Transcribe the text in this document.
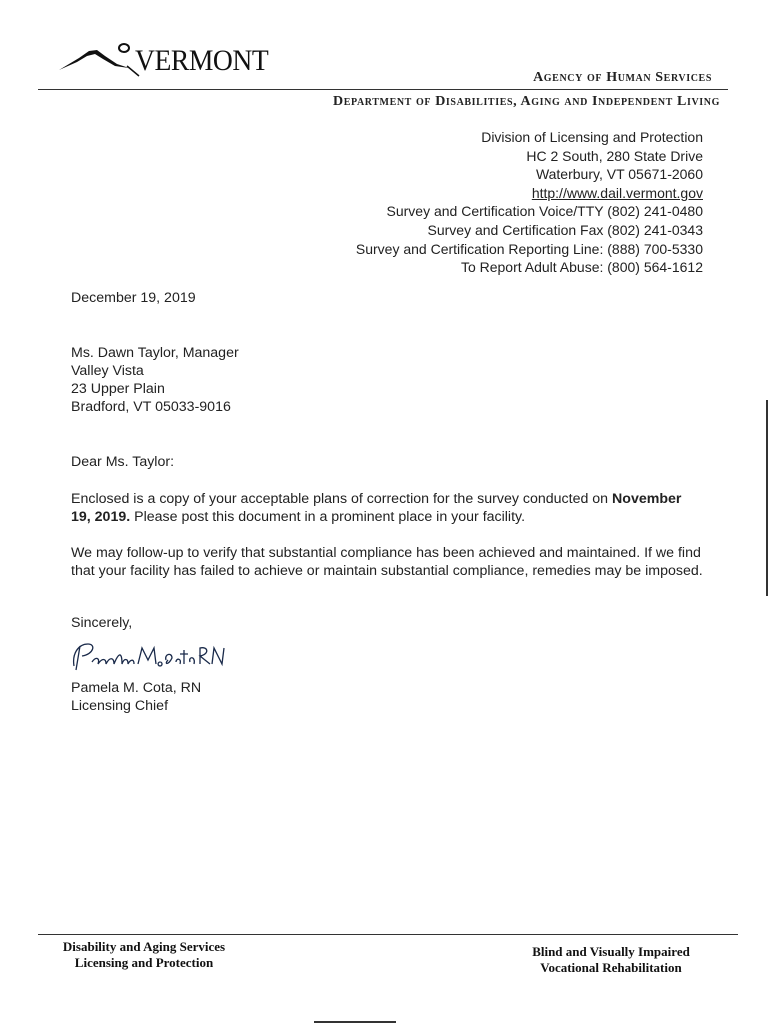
VERMONT
Agency of Human Services
Department of Disabilities, Aging and Independent Living
Division of Licensing and Protection
HC 2 South, 280 State Drive
Waterbury, VT 05671-2060
http://www.dail.vermont.gov
Survey and Certification Voice/TTY (802) 241-0480
Survey and Certification Fax (802) 241-0343
Survey and Certification Reporting Line: (888) 700-5330
To Report Adult Abuse: (800) 564-1612
December 19, 2019
Ms. Dawn Taylor, Manager
Valley Vista
23 Upper Plain
Bradford, VT 05033-9016
Dear Ms. Taylor:
Enclosed is a copy of your acceptable plans of correction for the survey conducted on November 19, 2019. Please post this document in a prominent place in your facility.
We may follow-up to verify that substantial compliance has been achieved and maintained. If we find that your facility has failed to achieve or maintain substantial compliance, remedies may be imposed.
Sincerely,
Pamela M. Cota, RN
Licensing Chief
Disability and Aging Services
Licensing and Protection
Blind and Visually Impaired
Vocational Rehabilitation
